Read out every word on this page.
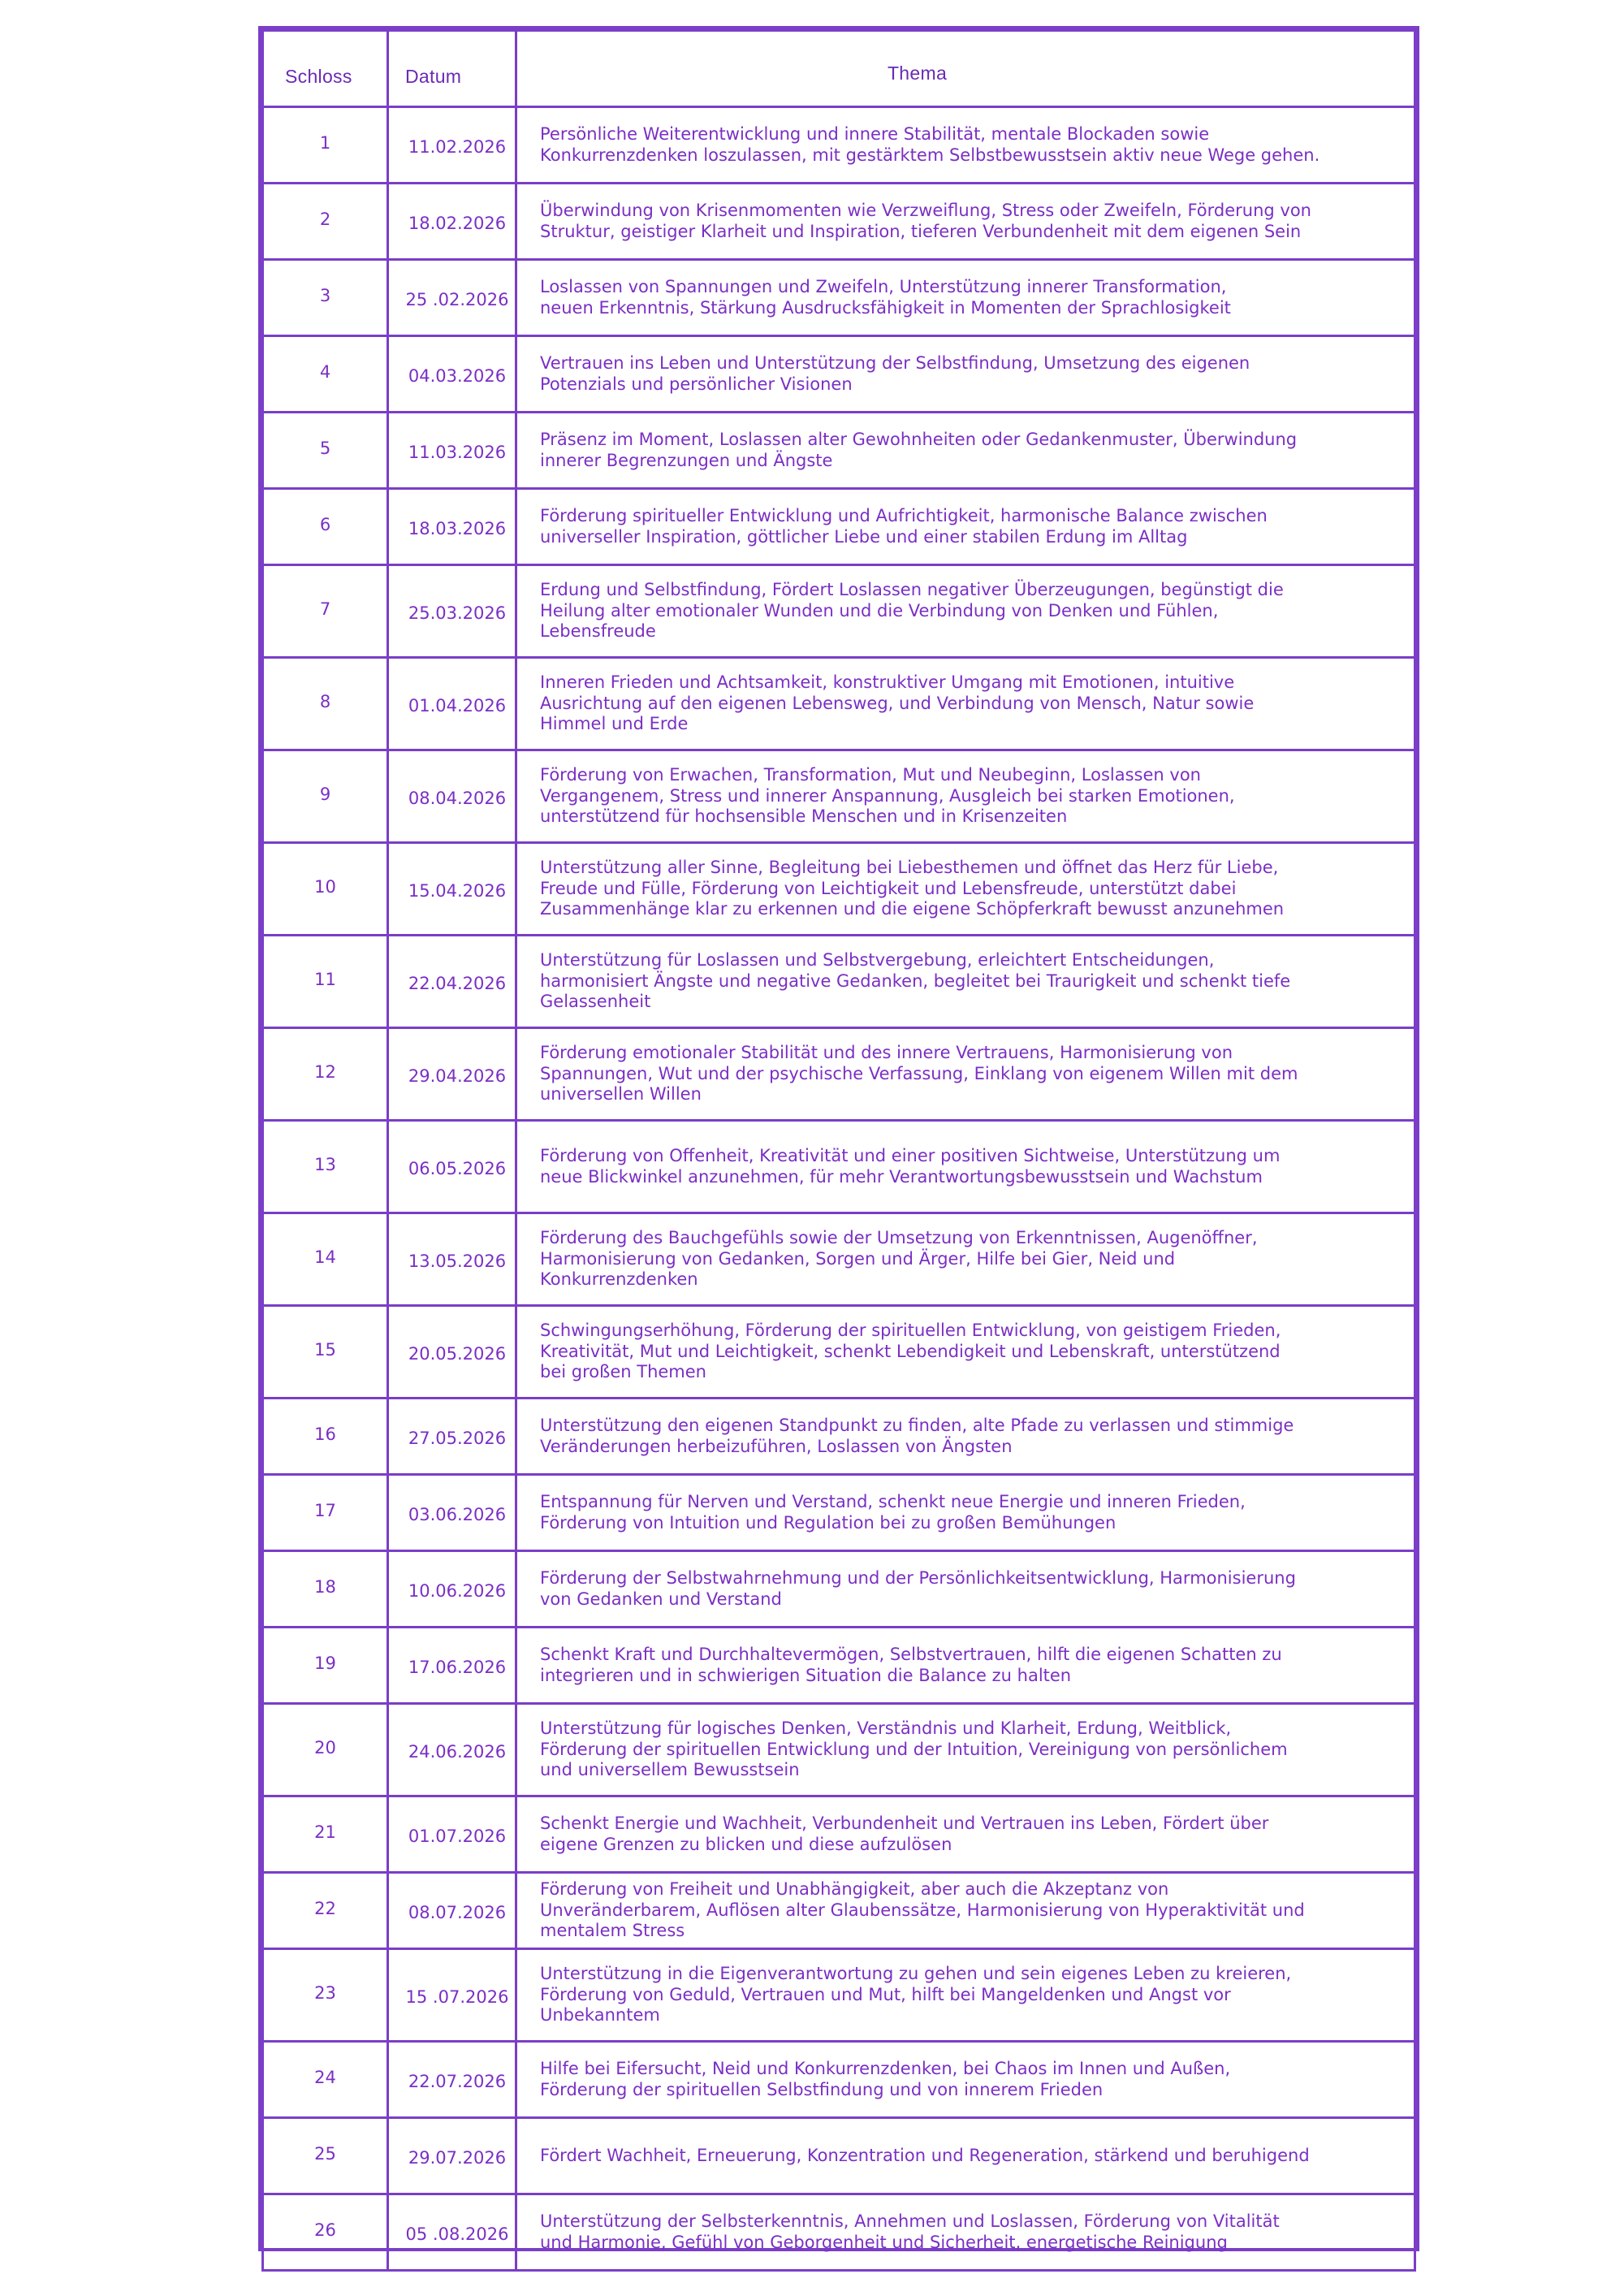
Schloss	Datum	Thema
1	11.02.2026	Persönliche Weiterentwicklung und innere Stabilität, mentale Blockaden sowie
Konkurrenzdenken loszulassen, mit gestärktem Selbstbewusstsein aktiv neue Wege gehen.
2	18.02.2026	Überwindung von Krisenmomenten wie Verzweiflung, Stress oder Zweifeln, Förderung von
Struktur, geistiger Klarheit und Inspiration, tieferen Verbundenheit mit dem eigenen Sein
3	25 .02.2026	Loslassen von Spannungen und Zweifeln, Unterstützung innerer Transformation,
neuen Erkenntnis, Stärkung Ausdrucksfähigkeit in Momenten der Sprachlosigkeit
4	04.03.2026	Vertrauen ins Leben und Unterstützung der Selbstfindung, Umsetzung des eigenen
Potenzials und persönlicher Visionen
5	11.03.2026	Präsenz im Moment, Loslassen alter Gewohnheiten oder Gedankenmuster, Überwindung
innerer Begrenzungen und Ängste
6	18.03.2026	Förderung spiritueller Entwicklung und Aufrichtigkeit, harmonische Balance zwischen
universeller Inspiration, göttlicher Liebe und einer stabilen Erdung im Alltag
7	25.03.2026	Erdung und Selbstfindung, Fördert Loslassen negativer Überzeugungen, begünstigt die
Heilung alter emotionaler Wunden und die Verbindung von Denken und Fühlen,
Lebensfreude
8	01.04.2026	Inneren Frieden und Achtsamkeit, konstruktiver Umgang mit Emotionen, intuitive
Ausrichtung auf den eigenen Lebensweg, und Verbindung von Mensch, Natur sowie
Himmel und Erde
9	08.04.2026	Förderung von Erwachen, Transformation, Mut und Neubeginn, Loslassen von
Vergangenem, Stress und innerer Anspannung, Ausgleich bei starken Emotionen,
unterstützend für hochsensible Menschen und in Krisenzeiten
10	15.04.2026	Unterstützung aller Sinne, Begleitung bei Liebesthemen und öffnet das Herz für Liebe,
Freude und Fülle, Förderung von Leichtigkeit und Lebensfreude, unterstützt dabei
Zusammenhänge klar zu erkennen und die eigene Schöpferkraft bewusst anzunehmen
11	22.04.2026	Unterstützung für Loslassen und Selbstvergebung, erleichtert Entscheidungen,
harmonisiert Ängste und negative Gedanken, begleitet bei Traurigkeit und schenkt tiefe
Gelassenheit
12	29.04.2026	Förderung emotionaler Stabilität und des innere Vertrauens, Harmonisierung von
Spannungen, Wut und der psychische Verfassung, Einklang von eigenem Willen mit dem
universellen Willen
13	06.05.2026	Förderung von Offenheit, Kreativität und einer positiven Sichtweise, Unterstützung um
neue Blickwinkel anzunehmen, für mehr Verantwortungsbewusstsein und Wachstum
14	13.05.2026	Förderung des Bauchgefühls sowie der Umsetzung von Erkenntnissen, Augenöffner,
Harmonisierung von Gedanken, Sorgen und Ärger, Hilfe bei Gier, Neid und
Konkurrenzdenken
15	20.05.2026	Schwingungserhöhung, Förderung der spirituellen Entwicklung, von geistigem Frieden,
Kreativität, Mut und Leichtigkeit, schenkt Lebendigkeit und Lebenskraft, unterstützend
bei großen Themen
16	27.05.2026	Unterstützung den eigenen Standpunkt zu finden, alte Pfade zu verlassen und stimmige
Veränderungen herbeizuführen, Loslassen von Ängsten
17	03.06.2026	Entspannung für Nerven und Verstand, schenkt neue Energie und inneren Frieden,
Förderung von Intuition und Regulation bei zu großen Bemühungen
18	10.06.2026	Förderung der Selbstwahrnehmung und der Persönlichkeitsentwicklung, Harmonisierung
von Gedanken und Verstand
19	17.06.2026	Schenkt Kraft und Durchhaltevermögen, Selbstvertrauen, hilft die eigenen Schatten zu
integrieren und in schwierigen Situation die Balance zu halten
20	24.06.2026	Unterstützung für logisches Denken, Verständnis und Klarheit, Erdung, Weitblick,
Förderung der spirituellen Entwicklung und der Intuition, Vereinigung von persönlichem
und universellem Bewusstsein
21	01.07.2026	Schenkt Energie und Wachheit, Verbundenheit und Vertrauen ins Leben, Fördert über
eigene Grenzen zu blicken und diese aufzulösen
22	08.07.2026	Förderung von Freiheit und Unabhängigkeit, aber auch die Akzeptanz von
Unveränderbarem, Auflösen alter Glaubenssätze, Harmonisierung von Hyperaktivität und
mentalem Stress
23	15 .07.2026	Unterstützung in die Eigenverantwortung zu gehen und sein eigenes Leben zu kreieren,
Förderung von Geduld, Vertrauen und Mut, hilft bei Mangeldenken und Angst vor
Unbekanntem
24	22.07.2026	Hilfe bei Eifersucht, Neid und Konkurrenzdenken, bei Chaos im Innen und Außen,
Förderung der spirituellen Selbstfindung und von innerem Frieden
25	29.07.2026	Fördert Wachheit, Erneuerung, Konzentration und Regeneration, stärkend und beruhigend
26	05 .08.2026	Unterstützung der Selbsterkenntnis, Annehmen und Loslassen, Förderung von Vitalität
und Harmonie, Gefühl von Geborgenheit und Sicherheit, energetische Reinigung
